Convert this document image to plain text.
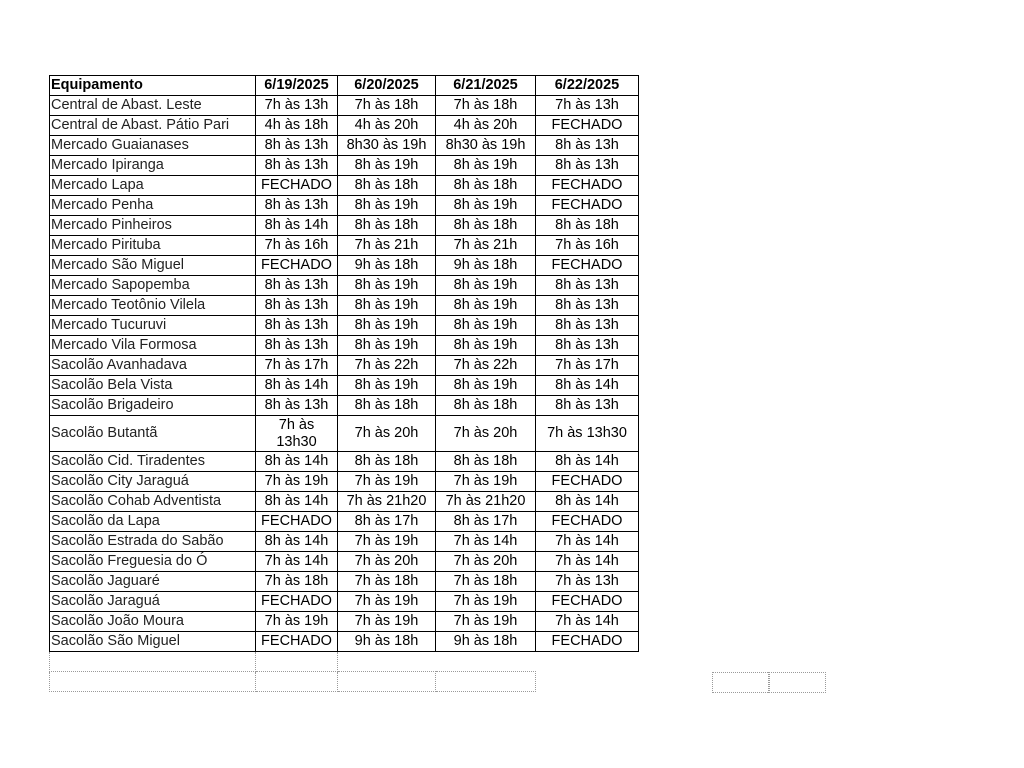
Equipamento	6/19/2025	6/20/2025	6/21/2025	6/22/2025
Central de Abast. Leste	7h às 13h	7h às 18h	7h às 18h	7h às 13h
Central de Abast. Pátio Pari	4h às 18h	4h às 20h	4h às 20h	FECHADO
Mercado Guaianases	8h às 13h	8h30 às 19h	8h30 às 19h	8h às 13h
Mercado Ipiranga	8h às 13h	8h às 19h	8h às 19h	8h às 13h
Mercado Lapa	FECHADO	8h às 18h	8h às 18h	FECHADO
Mercado Penha	8h às 13h	8h às 19h	8h às 19h	FECHADO
Mercado Pinheiros	8h às 14h	8h às 18h	8h às 18h	8h às 18h
Mercado Pirituba	7h às 16h	7h às 21h	7h às 21h	7h às 16h
Mercado São Miguel	FECHADO	9h às 18h	9h às 18h	FECHADO
Mercado Sapopemba	8h às 13h	8h às 19h	8h às 19h	8h às 13h
Mercado Teotônio Vilela	8h às 13h	8h às 19h	8h às 19h	8h às 13h
Mercado Tucuruvi	8h às 13h	8h às 19h	8h às 19h	8h às 13h
Mercado Vila Formosa	8h às 13h	8h às 19h	8h às 19h	8h às 13h
Sacolão Avanhadava	7h às 17h	7h às 22h	7h às 22h	7h às 17h
Sacolão Bela Vista	8h às 14h	8h às 19h	8h às 19h	8h às 14h
Sacolão Brigadeiro	8h às 13h	8h às 18h	8h às 18h	8h às 13h
Sacolão Butantã	7h às 13h30	7h às 20h	7h às 20h	7h às 13h30
Sacolão Cid. Tiradentes	8h às 14h	8h às 18h	8h às 18h	8h às 14h
Sacolão City Jaraguá	7h às 19h	7h às 19h	7h às 19h	FECHADO
Sacolão Cohab Adventista	8h às 14h	7h às 21h20	7h às 21h20	8h às 14h
Sacolão da Lapa	FECHADO	8h às 17h	8h às 17h	FECHADO
Sacolão Estrada do Sabão	8h às 14h	7h às 19h	7h às 14h	7h às 14h
Sacolão Freguesia do Ó	7h às 14h	7h às 20h	7h às 20h	7h às 14h
Sacolão Jaguaré	7h às 18h	7h às 18h	7h às 18h	7h às 13h
Sacolão Jaraguá	FECHADO	7h às 19h	7h às 19h	FECHADO
Sacolão João Moura	7h às 19h	7h às 19h	7h às 19h	7h às 14h
Sacolão São Miguel	FECHADO	9h às 18h	9h às 18h	FECHADO
